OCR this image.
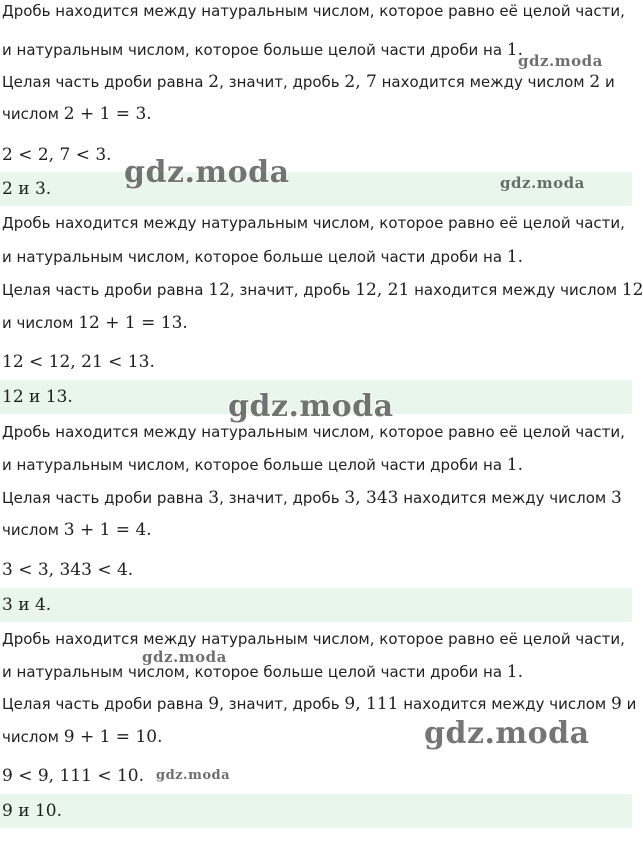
Дробь находится между натуральным числом, которое равно её целой части,
и натуральным числом, которое больше целой части дроби на 1.
Целая часть дроби равна 2, значит, дробь 2, 7 находится между числом 2 и
числом 2 + 1 = 3.
2 < 2, 7 < 3.
2 и 3.
Дробь находится между натуральным числом, которое равно её целой части,
и натуральным числом, которое больше целой части дроби на 1.
Целая часть дроби равна 12, значит, дробь 12, 21 находится между числом 12
и числом 12 + 1 = 13.
12 < 12, 21 < 13.
12 и 13.
Дробь находится между натуральным числом, которое равно её целой части,
и натуральным числом, которое больше целой части дроби на 1.
Целая часть дроби равна 3, значит, дробь 3, 343 находится между числом 3
числом 3 + 1 = 4.
3 < 3, 343 < 4.
3 и 4.
Дробь находится между натуральным числом, которое равно её целой части,
и натуральным числом, которое больше целой части дроби на 1.
Целая часть дроби равна 9, значит, дробь 9, 111 находится между числом 9 и
числом 9 + 1 = 10.
9 < 9, 111 < 10.
9 и 10.
gdz.moda
gdz.moda	gdz.moda
gdz.moda
gdz.moda
gdz.moda
gdz.moda
